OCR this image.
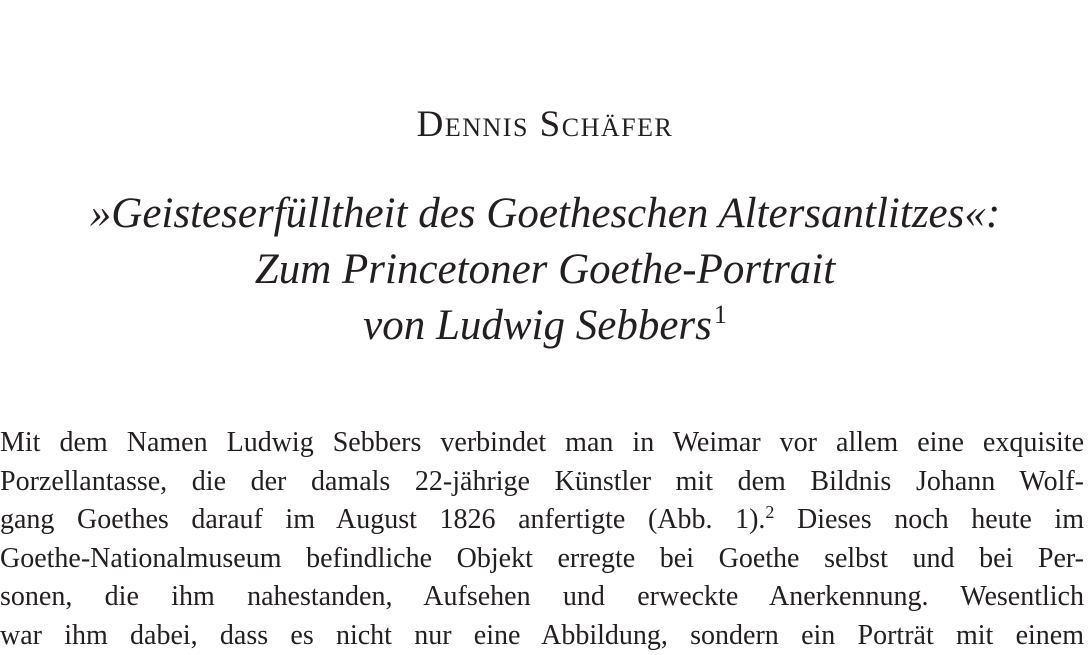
Dennis Schäfer
»Geisteserfülltheit des Goetheschen Altersantlitzes«:
Zum Princetoner Goethe-Portrait
von Ludwig Sebbers$^1$
Mit dem Namen Ludwig Sebbers verbindet man in Weimar vor allem eine exquisite
Porzellantasse, die der damals 22-jährige Künstler mit dem Bildnis Johann Wolf-
gang Goethes darauf im August 1826 anfertigte (Abb. 1).$^2$ Dieses noch heute im
Goethe-Nationalmuseum befindliche Objekt erregte bei Goethe selbst und bei Per-
sonen, die ihm nahestanden, Aufsehen und erweckte Anerkennung. Wesentlich
war ihm dabei, dass es nicht nur eine Abbildung, sondern ein Porträt mit einem
